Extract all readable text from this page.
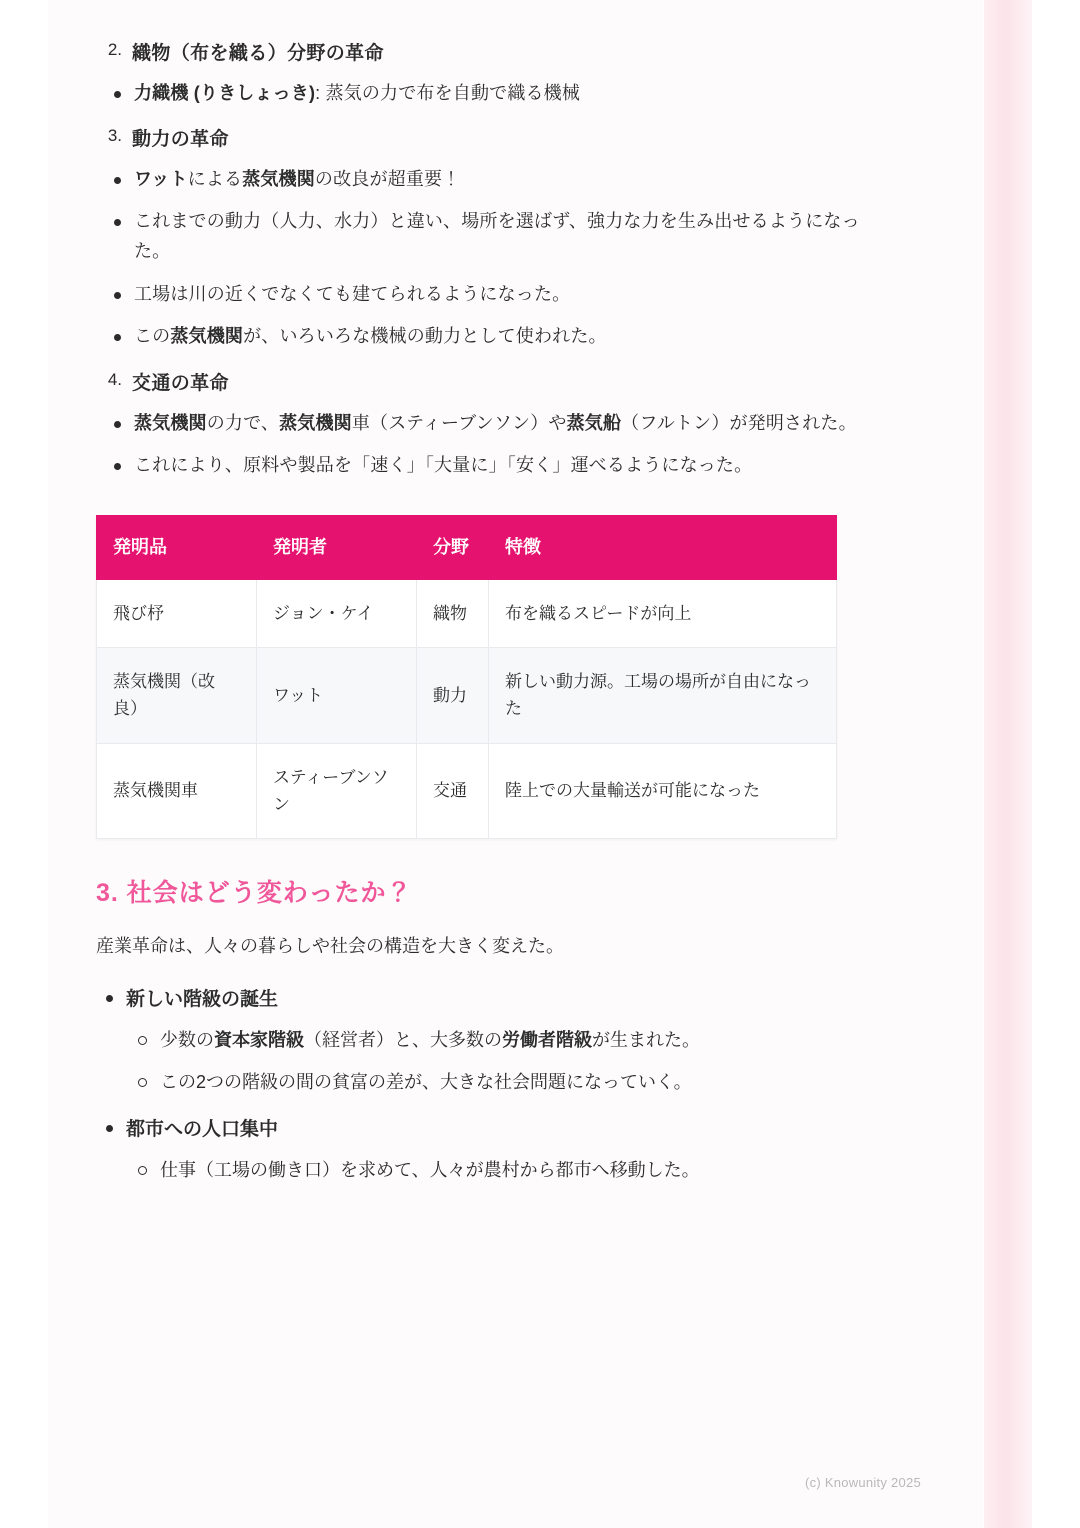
2. 織物（布を織る）分野の革命
力織機 (りきしょっき): 蒸気の力で布を自動で織る機械
3. 動力の革命
ワットによる蒸気機関の改良が超重要！
これまでの動力（人力、水力）と違い、場所を選ばず、強力な力を生み出せるようになった。
工場は川の近くでなくても建てられるようになった。
この蒸気機関が、いろいろな機械の動力として使われた。
4. 交通の革命
蒸気機関の力で、蒸気機関車（スティーブンソン）や蒸気船（フルトン）が発明された。
これにより、原料や製品を「速く」「大量に」「安く」運べるようになった。
発明品	発明者	分野	特徴
飛び杼	ジョン・ケイ	織物	布を織るスピードが向上
蒸気機関（改良）	ワット	動力	新しい動力源。工場の場所が自由になった
蒸気機関車	スティーブンソン	交通	陸上での大量輸送が可能になった
3. 社会はどう変わったか？

産業革命は、人々の暮らしや社会の構造を大きく変えた。

新しい階級の誕生
少数の資本家階級（経営者）と、大多数の労働者階級が生まれた。
この2つの階級の間の貧富の差が、大きな社会問題になっていく。
都市への人口集中
仕事（工場の働き口）を求めて、人々が農村から都市へ移動した。
(c) Knowunity 2025
